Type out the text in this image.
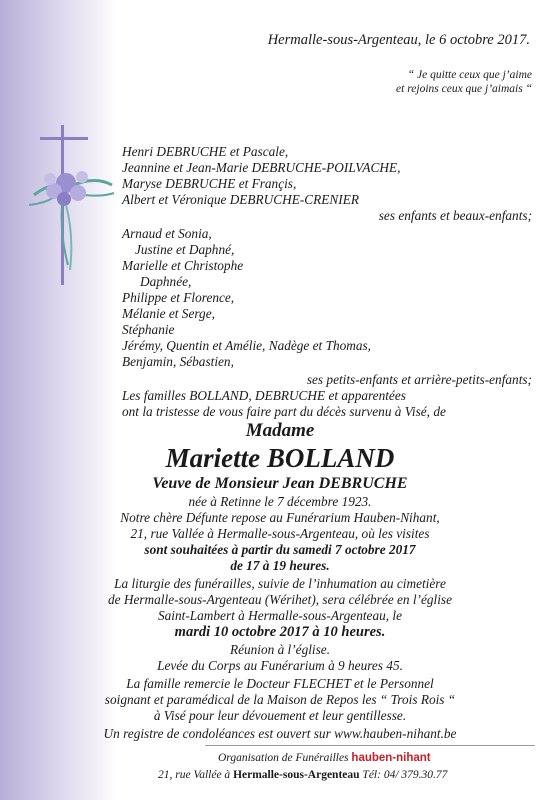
Hermalle-sous-Argenteau, le 6 octobre 2017.
“ Je quitte ceux que j’aime
et rejoins ceux que j’aimais “
Henri DEBRUCHE et Pascale,
Jeannine et Jean-Marie DEBRUCHE-POILVACHE,
Maryse DEBRUCHE et Franҫis,
Albert et Véronique DEBRUCHE-CRENIER
ses enfants et beaux-enfants;
Arnaud et Sonia,
Justine et Daphné,
Marielle et Christophe
Daphnée,
Philippe et Florence,
Mélanie et Serge,
Stéphanie
Jérémy, Quentin et Amélie, Nadège et Thomas,
Benjamin, Sébastien,
ses petits-enfants et arrière-petits-enfants;
Les familles BOLLAND, DEBRUCHE et apparentées
ont la tristesse de vous faire part du décès survenu à Visé, de
Madame
Mariette BOLLAND
Veuve de Monsieur Jean DEBRUCHE
née à Retinne le 7 décembre 1923.
Notre chère Défunte repose au Funérarium Hauben-Nihant,
21, rue Vallée à Hermalle-sous-Argenteau, où les visites
sont souhaitées à partir du samedi 7 octobre 2017
de 17 à 19 heures.
La liturgie des funérailles, suivie de l’inhumation au cimetière
de Hermalle-sous-Argenteau (Wérihet), sera célébrée en l’église
Saint-Lambert à Hermalle-sous-Argenteau, le
mardi 10 octobre 2017 à 10 heures.
Réunion à l’église.
Levée du Corps au Funérarium à 9 heures 45.
La famille remercie le Docteur FLECHET et le Personnel
soignant et paramédical de la Maison de Repos les “ Trois Rois “
à Visé pour leur dévouement et leur gentillesse.
Un registre de condoléances est ouvert sur www.hauben-nihant.be
Organisation de Funérailles hauben-nihant
21, rue Vallée à Hermalle-sous-Argenteau Tél: 04/ 379.30.77
